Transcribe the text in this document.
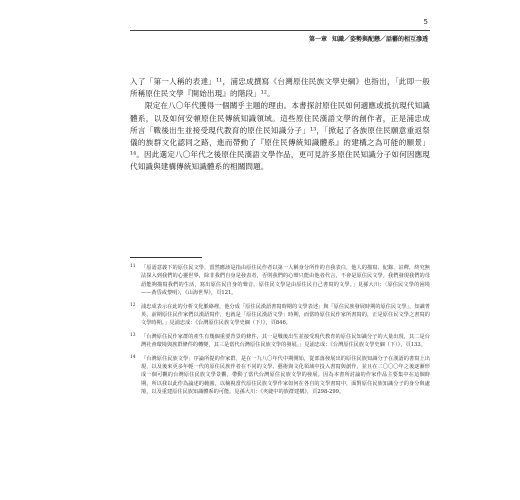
5
第一章 知識／姿勢與配戀／話藝的相互滲透

入了「第一人稱的表達」¹¹，浦忠成撰寫《台灣原住民族文學史綱》也指出，「此即一般所稱原住民文學『開始出現』的階段」¹²。

限定在八〇年代獲得一個關乎主題的理由。本書探討原住民如何適應或抵抗現代知識體系，以及如何安頓原住民傳統知識領域。這些原住民漢語文學的創作者，正是浦忠成所言「戰後出生並接受現代教育的原住民知識分子」¹³，「掀起了各族原住民願意重返祭儀的族群文化認同之路，進而帶動了『原住民傳統知識體系』的建構之為可能的願景」¹⁴。因此選定八〇年代之後原住民漢語文學作品，更可見許多原住民知識分子如何因應現代知識與建構傳統知識體系的相關問題。

11 「原語意義下的原住民文學，當然應該是指由原住民作者以第一人稱身分所作的自我表白，他人的描寫、紀錄、註釋，終究無法探入到我們的心靈世界，除非我們自身是發表者，否則我們的心聲只能由他者代言，不會是原住民文學。我們發現我們的母語能夠描寫我們的生活，寫出原住民自身的聲音。原住民文學是由原住民自己書寫的文學。」見孫大川：〈原住民文學的困境——黃昏或黎明〉，《山海世界》，頁121。
12 浦忠成表示在此的分析文化脈絡裡，他分成「原住民漢語書寫時期的文學表述」與「原住民族發展時期的原住民文學」，知識菁英、前期原住民作家們以漢語寫作，也就是「原住民漢語文學」時期，而當時原住民作家所書寫的，正是原住民文學之書寫的文學時期。」見浦忠成：《台灣原住民族文學史綱（下）》，頁846。
13 「台灣原住民作家群的產生有幾個重要背景的條件，其一是戰後出生並接受現代教育的原住民知識分子的大量出現，其二是台灣社會環境與族群條件的轉變，其三是當代台灣原住民族文學的發展。」見浦忠成：《台灣原住民族文學史綱（下）》，頁133。
14 「台灣原住民族文學」序論所提的作家群，是在一九八〇年代中期開始，從部落發展出的原住民族知識分子在漢語的書寫上出現，以及後來更多年輕一代的原住民族作者在不同的文學、藝術與文化領域中投入書寫與創作，並且在二〇〇〇年之後逐漸形成一個可觀的台灣原住民族文學景觀，帶動了當代台灣原住民族文學的發展。因為本書所討論的作家作品主要集中在這個時期，所以我以此作為論述的範圍，以檢視當代原住民族文學作家如何在各自的文學書寫中，面對原住民族知識分子的身分與處境，以及重建原住民族知識體系的可能。見孫大川：《夾縫中的族群建構》，頁298-299。
